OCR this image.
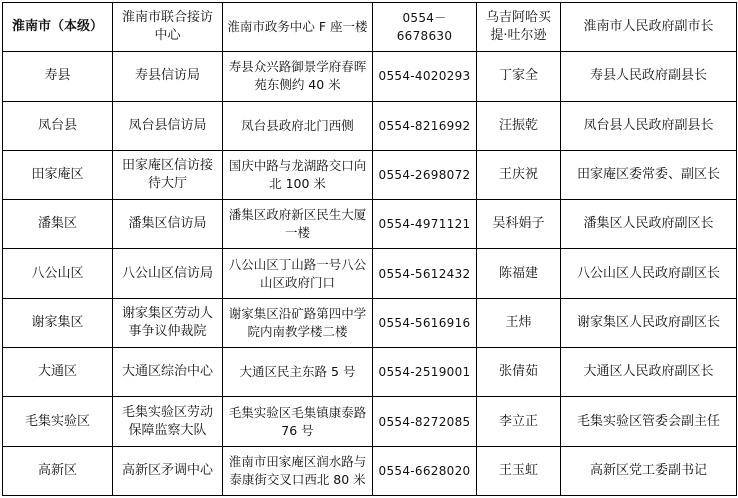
淮南市（本级）	淮南市联合接访中心	淮南市政务中心 F 座一楼	0554－6678630	乌吉阿哈买提·吐尔逊	淮南市人民政府副市长
寿县	寿县信访局	寿县众兴路御景学府春晖苑东侧约 40 米	0554-4020293	丁家全	寿县人民政府副县长
凤台县	凤台县信访局	凤台县政府北门西侧	0554-8216992	汪振乾	凤台县人民政府副县长
田家庵区	田家庵区信访接待大厅	国庆中路与龙湖路交口向北 100 米	0554-2698072	王庆祝	田家庵区委常委、副区长
潘集区	潘集区信访局	潘集区政府新区民生大厦一楼	0554-4971121	吴科娟子	潘集区人民政府副区长
八公山区	八公山区信访局	八公山区丁山路一号八公山区政府门口	0554-5612432	陈福建	八公山区人民政府副区长
谢家集区	谢家集区劳动人事争议仲裁院	谢家集区沿矿路第四中学院内南教学楼二楼	0554-5616916	王炜	谢家集区人民政府副区长
大通区	大通区综治中心	大通区民主东路 5 号	0554-2519001	张倩茹	大通区人民政府副区长
毛集实验区	毛集实验区劳动保障监察大队	毛集实验区毛集镇康泰路 76 号	0554-8272085	李立正	毛集实验区管委会副主任
高新区	高新区矛调中心	淮南市田家庵区润水路与泰康街交叉口西北 80 米	0554-6628020	王玉虹	高新区党工委副书记
